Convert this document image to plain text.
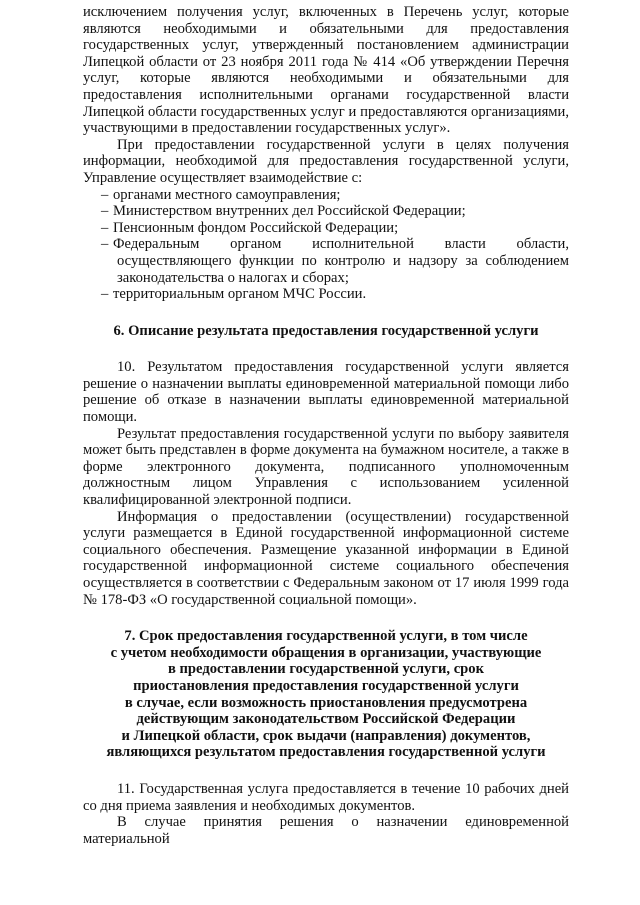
исключением получения услуг, включенных в Перечень услуг, которые являются необходимыми и обязательными для предоставления государственных услуг, утвержденный постановлением администрации Липецкой области от 23 ноября 2011 года № 414 «Об утверждении Перечня услуг, которые являются необходимыми и обязательными для предоставления исполнительными органами государственной власти Липецкой области государственных услуг и предоставляются организациями, участвующими в предоставлении государственных услуг».

При предоставлении государственной услуги в целях получения информации, необходимой для предоставления государственной услуги, Управление осуществляет взаимодействие с:

– органами местного самоуправления;

– Министерством внутренних дел Российской Федерации;

– Пенсионным фондом Российской Федерации;

– Федеральным органом исполнительной власти области, осуществляющего функции по контролю и надзору за соблюдением законодательства о налогах и сборах;

– территориальным органом МЧС России.

6. Описание результата предоставления государственной услуги

10. Результатом предоставления государственной услуги является решение о назначении выплаты единовременной материальной помощи либо решение об отказе в назначении выплаты единовременной материальной помощи.

Результат предоставления государственной услуги по выбору заявителя может быть представлен в форме документа на бумажном носителе, а также в форме электронного документа, подписанного уполномоченным должностным лицом Управления с использованием усиленной квалифицированной электронной подписи.

Информация о предоставлении (осуществлении) государственной услуги размещается в Единой государственной информационной системе социального обеспечения. Размещение указанной информации в Единой государственной информационной системе социального обеспечения осуществляется в соответствии с Федеральным законом от 17 июля 1999 года № 178-ФЗ «О государственной социальной помощи».

7. Срок предоставления государственной услуги, в том числе
с учетом необходимости обращения в организации, участвующие
в предоставлении государственной услуги, срок
приостановления предоставления государственной услуги
в случае, если возможность приостановления предусмотрена
действующим законодательством Российской Федерации
и Липецкой области, срок выдачи (направления) документов,
являющихся результатом предоставления государственной услуги

11. Государственная услуга предоставляется в течение 10 рабочих дней со дня приема заявления и необходимых документов.

В случае принятия решения о назначении единовременной материальной
